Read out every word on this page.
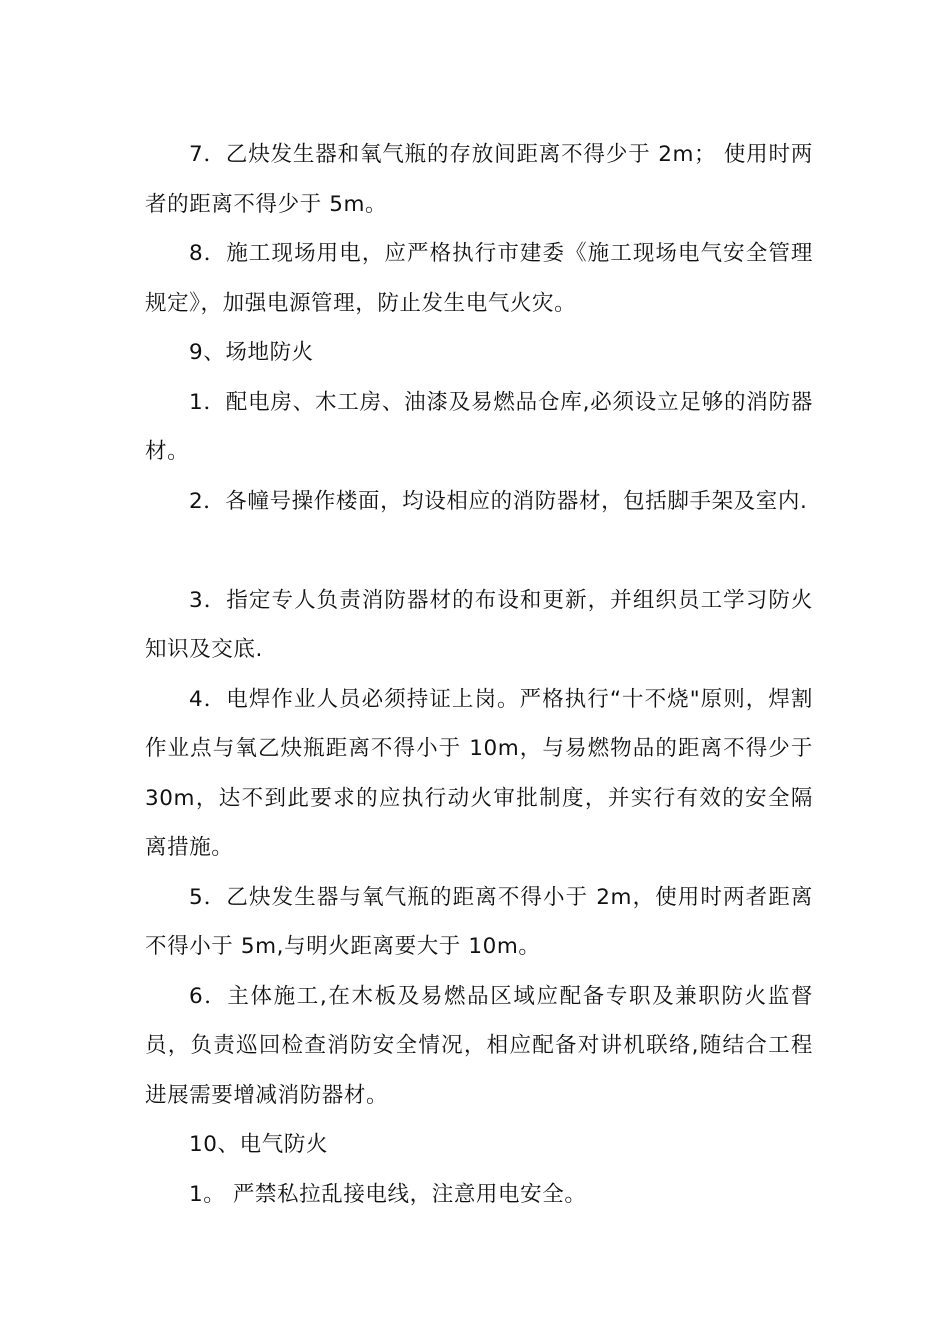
7．乙炔发生器和氧气瓶的存放间距离不得少于 2m； 使用时两者的距离不得少于 5m。

8．施工现场用电，应严格执行市建委《施工现场电气安全管理规定》，加强电源管理，防止发生电气火灾。

9、场地防火

1．配电房、木工房、油漆及易燃品仓库,必须设立足够的消防器材。

2．各幢号操作楼面，均设相应的消防器材，包括脚手架及室内.

3．指定专人负责消防器材的布设和更新，并组织员工学习防火知识及交底.

4．电焊作业人员必须持证上岗。严格执行“十不烧"原则，焊割作业点与氧乙炔瓶距离不得小于 10m，与易燃物品的距离不得少于 30m，达不到此要求的应执行动火审批制度，并实行有效的安全隔离措施。

5．乙炔发生器与氧气瓶的距离不得小于 2m，使用时两者距离不得小于 5m,与明火距离要大于 10m。

6．主体施工,在木板及易燃品区域应配备专职及兼职防火监督员，负责巡回检查消防安全情况，相应配备对讲机联络,随结合工程进展需要增减消防器材。

10、电气防火

1。 严禁私拉乱接电线，注意用电安全。
